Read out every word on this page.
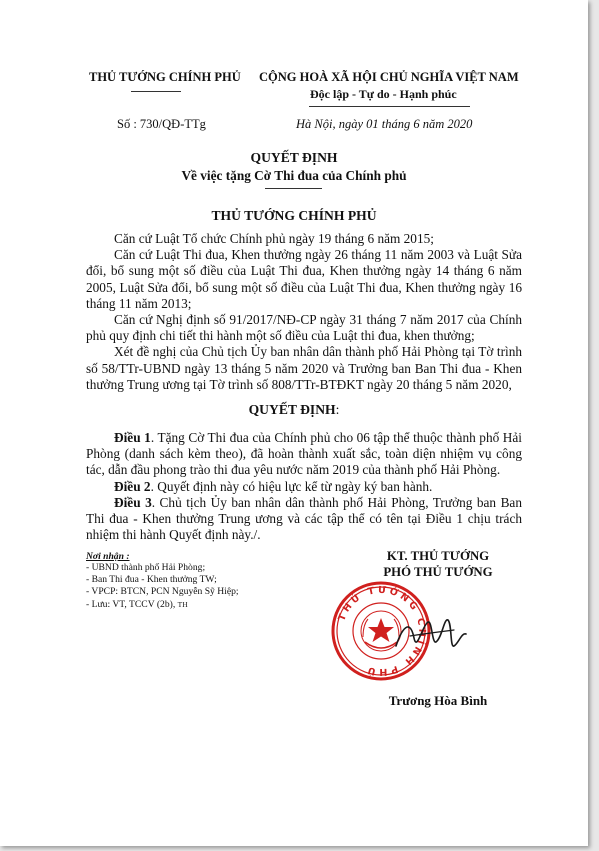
THỦ TƯỚNG CHÍNH PHỦ CỘNG HOÀ XÃ HỘI CHỦ NGHĨA VIỆT NAM
Độc lập - Tự do - Hạnh phúc
Số : 730/QĐ-TTg	Hà Nội, ngày 01 tháng 6 năm 2020
QUYẾT ĐỊNH
Về việc tặng Cờ Thi đua của Chính phủ
THỦ TƯỚNG CHÍNH PHỦ

Căn cứ Luật Tổ chức Chính phủ ngày 19 tháng 6 năm 2015;

Căn cứ Luật Thi đua, Khen thưởng ngày 26 tháng 11 năm 2003 và Luật Sửa đổi, bổ sung một số điều của Luật Thi đua, Khen thưởng ngày 14 tháng 6 năm 2005, Luật Sửa đổi, bổ sung một số điều của Luật Thi đua, Khen thưởng ngày 16 tháng 11 năm 2013;

Căn cứ Nghị định số 91/2017/NĐ-CP ngày 31 tháng 7 năm 2017 của Chính phủ quy định chi tiết thi hành một số điều của Luật thi đua, khen thưởng;

Xét đề nghị của Chủ tịch Ủy ban nhân dân thành phố Hải Phòng tại Tờ trình số 58/TTr-UBND ngày 13 tháng 5 năm 2020 và Trưởng ban Ban Thi đua - Khen thưởng Trung ương tại Tờ trình số 808/TTr-BTĐKT ngày 20 tháng 5 năm 2020,

QUYẾT ĐỊNH:

Điều 1. Tặng Cờ Thi đua của Chính phủ cho 06 tập thể thuộc thành phố Hải Phòng (danh sách kèm theo), đã hoàn thành xuất sắc, toàn diện nhiệm vụ công tác, dẫn đầu phong trào thi đua yêu nước năm 2019 của thành phố Hải Phòng.

Điều 2. Quyết định này có hiệu lực kể từ ngày ký ban hành.

Điều 3. Chủ tịch Ủy ban nhân dân thành phố Hải Phòng, Trưởng ban Ban Thi đua - Khen thưởng Trung ương và các tập thể có tên tại Điều 1 chịu trách nhiệm thi hành Quyết định này./.

Nơi nhận :
- UBND thành phố Hải Phòng;
- Ban Thi đua - Khen thưởng TW;
- VPCP: BTCN, PCN Nguyễn Sỹ Hiệp;
- Lưu: VT, TCCV (2b), TH
KT. THỦ TƯỚNG
PHÓ THỦ TƯỚNG
THỦ TƯỚNG CHÍNH PHỦ
Trương Hòa Bình
